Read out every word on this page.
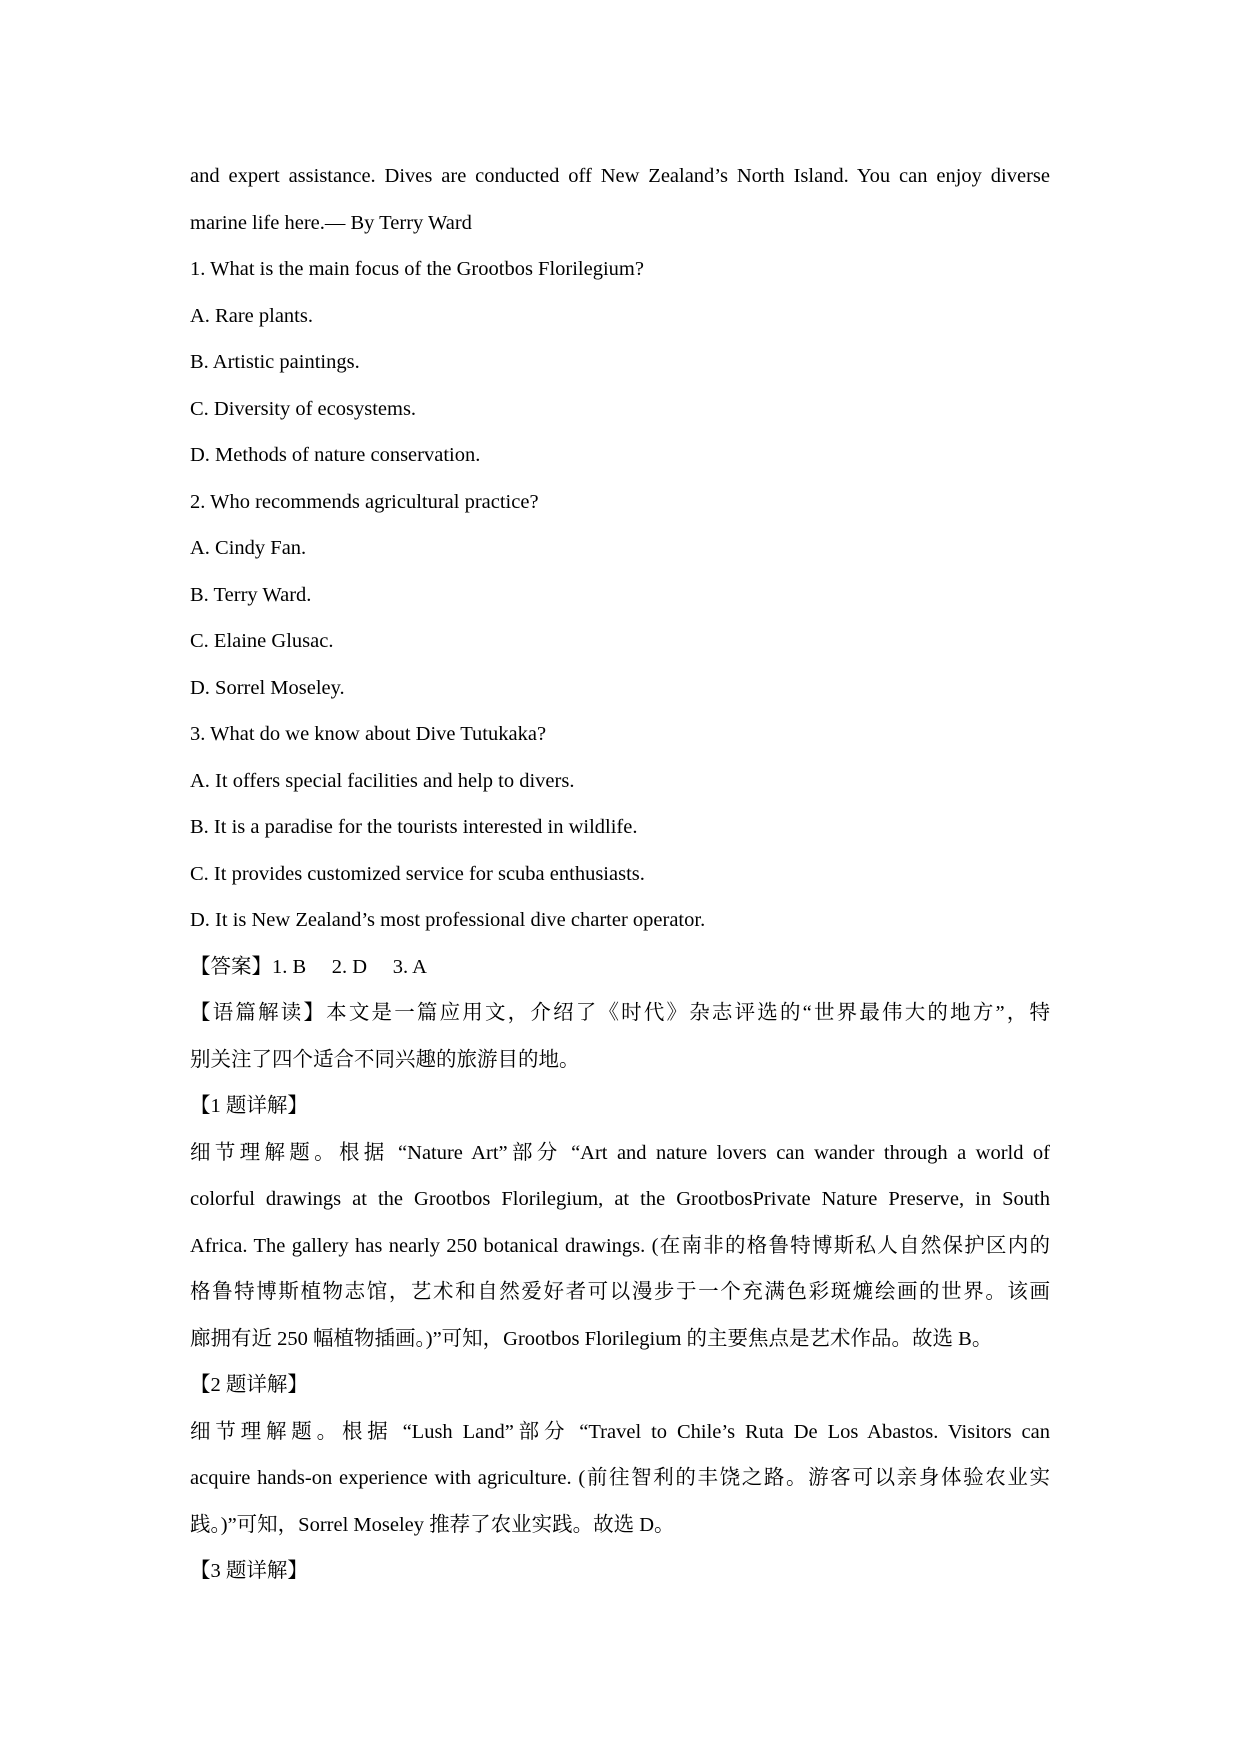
and expert assistance. Dives are conducted off New Zealand’s North Island. You can enjoy diverse
marine life here.— By Terry Ward
1. What is the main focus of the Grootbos Florilegium?
A. Rare plants.
B. Artistic paintings.
C. Diversity of ecosystems.
D. Methods of nature conservation.
2. Who recommends agricultural practice?
A. Cindy Fan.
B. Terry Ward.
C. Elaine Glusac.
D. Sorrel Moseley.
3. What do we know about Dive Tutukaka?
A. It offers special facilities and help to divers.
B. It is a paradise for the tourists interested in wildlife.
C. It provides customized service for scuba enthusiasts.
D. It is New Zealand’s most professional dive charter operator.
【答案】1. B  2. D  3. A
【语篇解读】本文是一篇应用文，介绍了《时代》杂志评选的“世界最伟大的地方”，特
别关注了四个适合不同兴趣的旅游目的地。
【1 题详解】
细节理解题。根据 “Nature Art”部分 “Art and nature lovers can wander through a world of
colorful drawings at the Grootbos Florilegium, at the GrootbosPrivate Nature Preserve, in South
Africa. The gallery has nearly 250 botanical drawings. (在南非的格鲁特博斯私人自然保护区内的
格鲁特博斯植物志馆，艺术和自然爱好者可以漫步于一个充满色彩斑熝绘画的世界。该画
廊拥有近 250 幅植物插画。)”可知，Grootbos Florilegium 的主要焦点是艺术作品。故选 B。
【2 题详解】
细节理解题。根据 “Lush Land”部分 “Travel to Chile’s Ruta De Los Abastos. Visitors can
acquire hands-on experience with agriculture. (前往智利的丰饶之路。游客可以亲身体验农业实
践。)”可知，Sorrel Moseley 推荐了农业实践。故选 D。
【3 题详解】
